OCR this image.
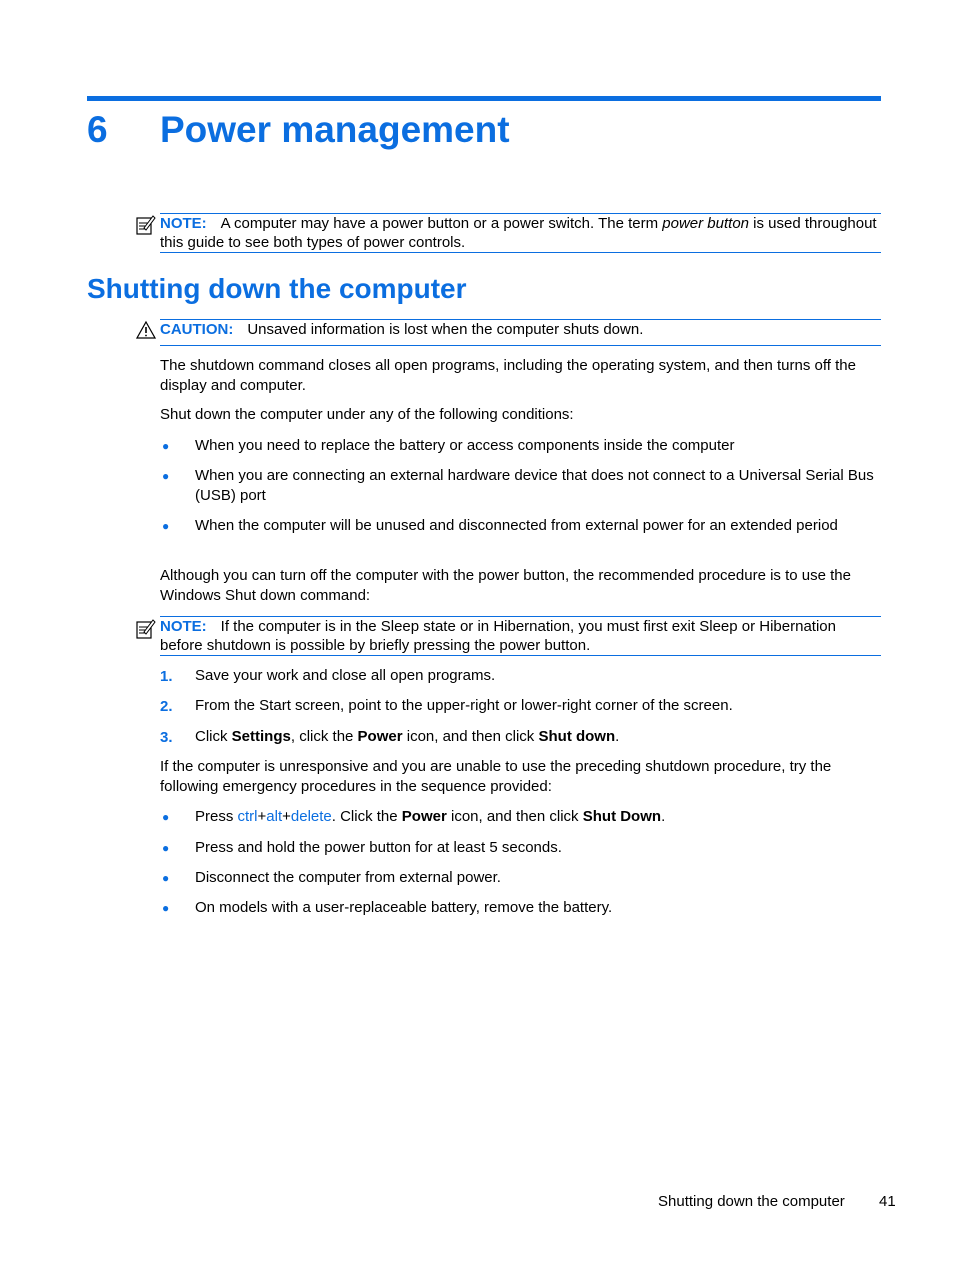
6 Power management
NOTE: A computer may have a power button or a power switch. The term power button is used throughout this guide to see both types of power controls.
Shutting down the computer
CAUTION: Unsaved information is lost when the computer shuts down.
The shutdown command closes all open programs, including the operating system, and then turns off the display and computer.
Shut down the computer under any of the following conditions:
● When you need to replace the battery or access components inside the computer
● When you are connecting an external hardware device that does not connect to a Universal Serial Bus (USB) port
● When the computer will be unused and disconnected from external power for an extended period
Although you can turn off the computer with the power button, the recommended procedure is to use the Windows Shut down command:
NOTE: If the computer is in the Sleep state or in Hibernation, you must first exit Sleep or Hibernation before shutdown is possible by briefly pressing the power button.
1. Save your work and close all open programs.
2. From the Start screen, point to the upper-right or lower-right corner of the screen.
3. Click Settings, click the Power icon, and then click Shut down.
If the computer is unresponsive and you are unable to use the preceding shutdown procedure, try the following emergency procedures in the sequence provided:
● Press ctrl+alt+delete. Click the Power icon, and then click Shut Down.
● Press and hold the power button for at least 5 seconds.
● Disconnect the computer from external power.
● On models with a user-replaceable battery, remove the battery.
Shutting down the computer 41
